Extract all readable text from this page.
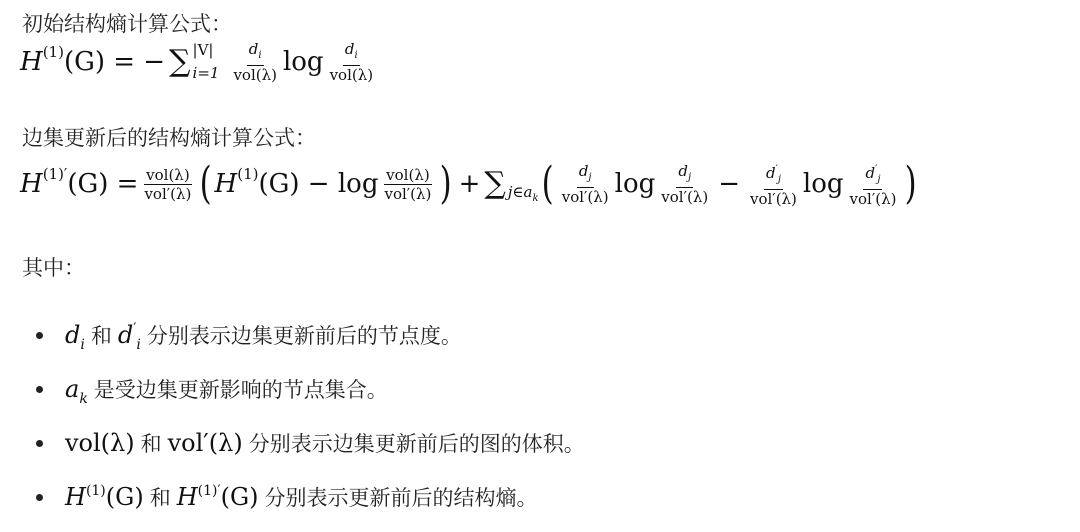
初始结构熵计算公式：
H (1) (G) = − ∑ |V|
$i=1 \frac{d_i}{\text{vol(λ)}}$ $\log \frac{d_i}{\text{vol(λ)}}$
边集更新后的结构熵计算公式：
H (1)′ $(G) = \frac{\text{vol(λ)}}{\text{vol′(λ)}}$ ( H (1) $(G) - \log \frac{\text{vol(λ)}}{\text{vol′(λ)}}$ ) + ∑
$j\in a_k$ ( $\frac{d_j}{\text{vol′(λ)}}$ $\log \frac{d_j}{\text{vol′(λ)}} - \frac{d'_j}{\text{vol′(λ)}}$ $\log \frac{d'_j}{\text{vol′(λ)}}$ )
其中：
$d_i$ 和 $d'_i$ 分别表示边集更新前后的节点度。
$a_k$ 是受边集更新影响的节点集合。
vol(λ) 和 vol′(λ) 分别表示边集更新前后的图的体积。
$H^{(1)}(G)$ 和 $H^{(1)'}(G)$ 分别表示更新前后的结构熵。
